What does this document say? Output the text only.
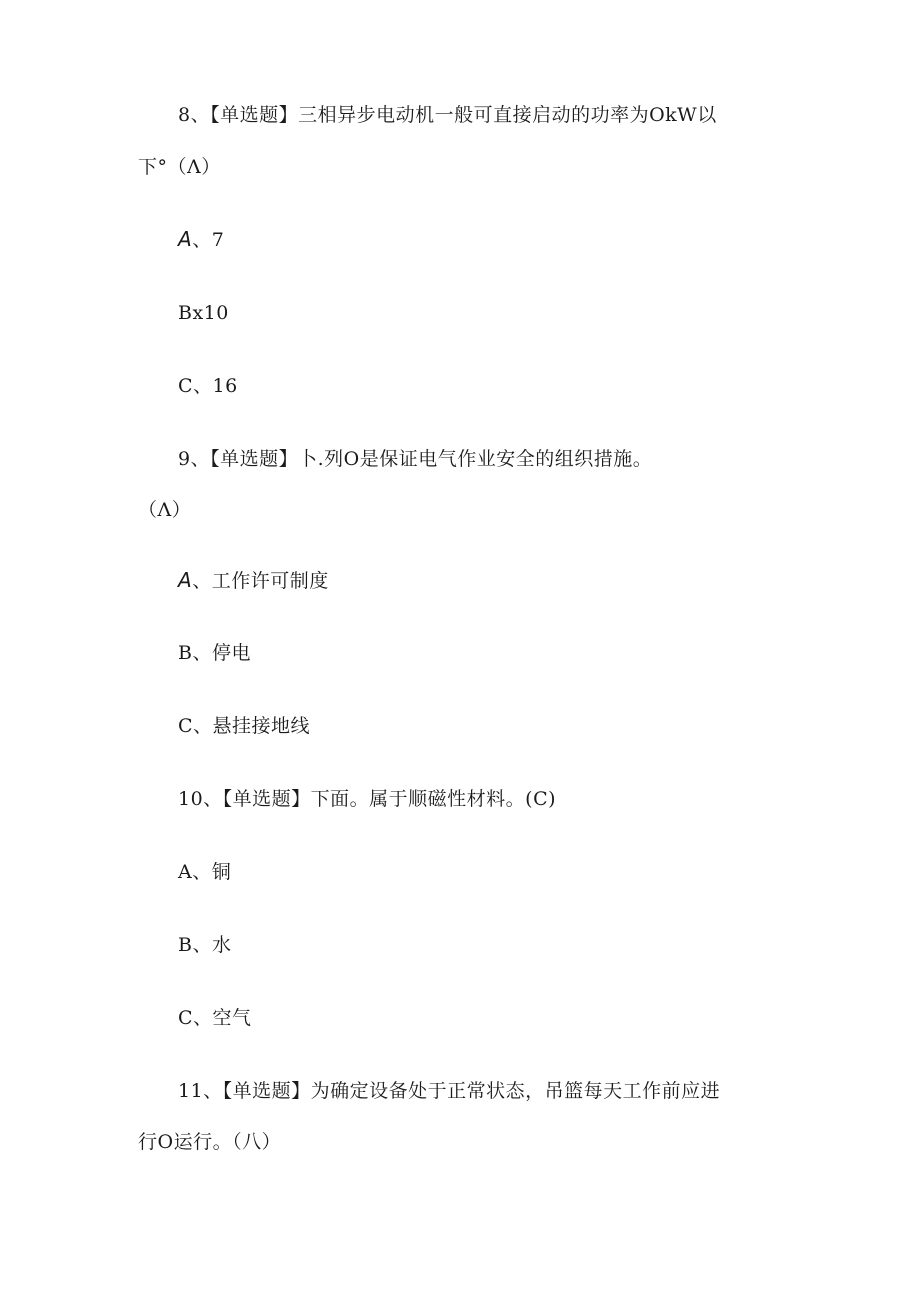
8、【单选题】三相异步电动机一般可直接启动的功率为OkW以
下°（Λ）
A、7
Bx10
C、16
9、【单选题】卜.列O是保证电气作业安全的组织措施。
（Λ）
A、工作许可制度
B、停电
C、悬挂接地线
10、【单选题】下面。属于顺磁性材料。(C)
A、铜
B、水
C、空气
11、【单选题】为确定设备处于正常状态，吊篮每天工作前应进
行O运行。（八）
